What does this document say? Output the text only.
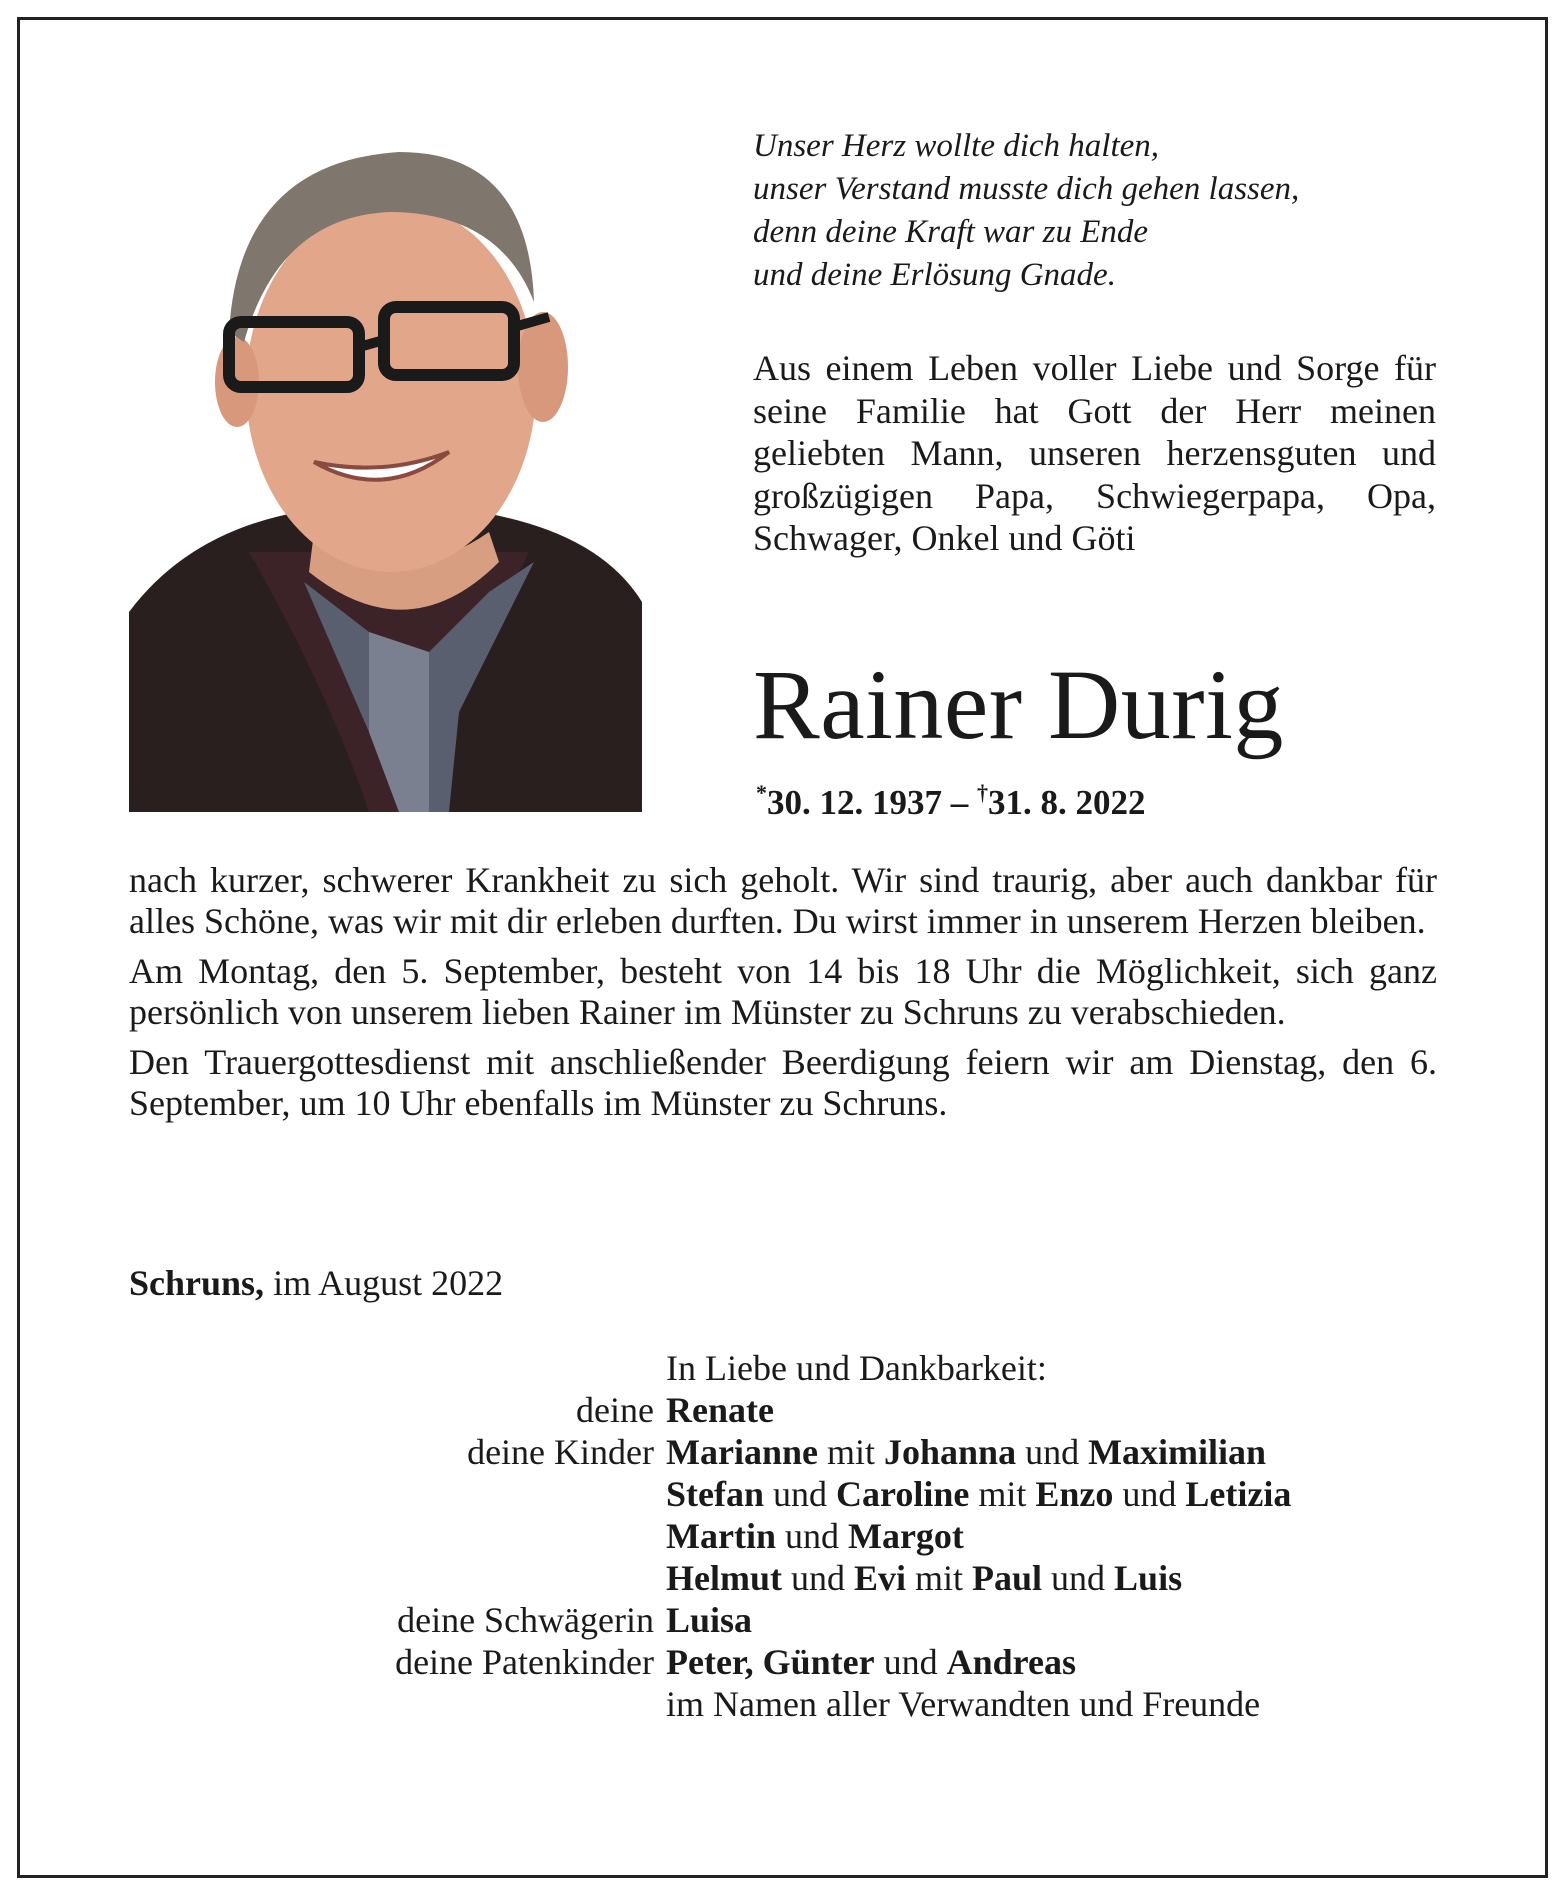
Unser Herz wollte dich halten,
unser Verstand musste dich gehen lassen,
denn deine Kraft war zu Ende
und deine Erlösung Gnade.
Aus einem Leben voller Liebe und Sorge für seine Familie hat Gott der Herr meinen geliebten Mann, unseren herzensguten und großzügigen Papa, Schwiegerpapa, Opa, Schwager, Onkel und Göti
Rainer Durig
*30. 12. 1937 – †31. 8. 2022

nach kurzer, schwerer Krankheit zu sich geholt. Wir sind traurig, aber auch dankbar für alles Schöne, was wir mit dir erleben durften. Du wirst immer in unserem Herzen bleiben.

Am Montag, den 5. September, besteht von 14 bis 18 Uhr die Möglichkeit, sich ganz persönlich von unserem lieben Rainer im Münster zu Schruns zu verabschieden.

Den Trauergottesdienst mit anschließender Beerdigung feiern wir am Dienstag, den 6. September, um 10 Uhr ebenfalls im Münster zu Schruns.

Schruns, im August 2022
In Liebe und Dankbarkeit:
deine Renate
deine Kinder Marianne mit Johanna und Maximilian
Stefan und Caroline mit Enzo und Letizia
Martin und Margot
Helmut und Evi mit Paul und Luis
deine Schwägerin Luisa
deine Patenkinder Peter, Günter und Andreas
im Namen aller Verwandten und Freunde
